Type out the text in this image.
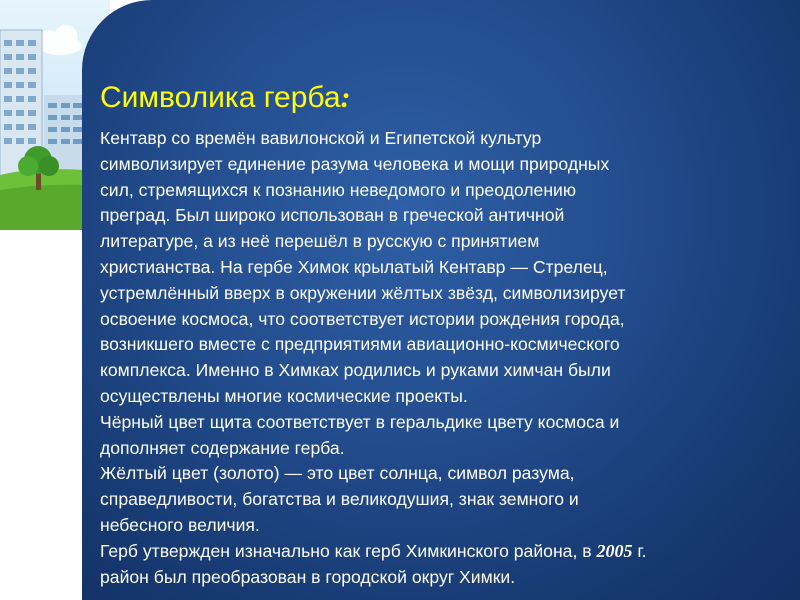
Символика герба:

Кентавр со времён вавилонской и Египетской культур
символизирует единение разума человека и мощи природных
сил, стремящихся к познанию неведомого и преодолению
преград. Был широко использован в греческой античной
литературе, а из неё перешёл в русскую с принятием
христианства. На гербе Химок крылатый Кентавр — Стрелец,
устремлённый вверх в окружении жёлтых звёзд, символизирует
освоение космоса, что соответствует истории рождения города,
возникшего вместе с предприятиями авиационно-космического
комплекса. Именно в Химках родились и руками химчан были
осуществлены многие космические проекты.

Чёрный цвет щита соответствует в геральдике цвету космоса и
дополняет содержание герба.

Жёлтый цвет (золото) — это цвет солнца, символ разума,
справедливости, богатства и великодушия, знак земного и
небесного величия.

Герб утвержден изначально как герб Химкинского района, в 2005 г.
район был преобразован в городской округ Химки.
